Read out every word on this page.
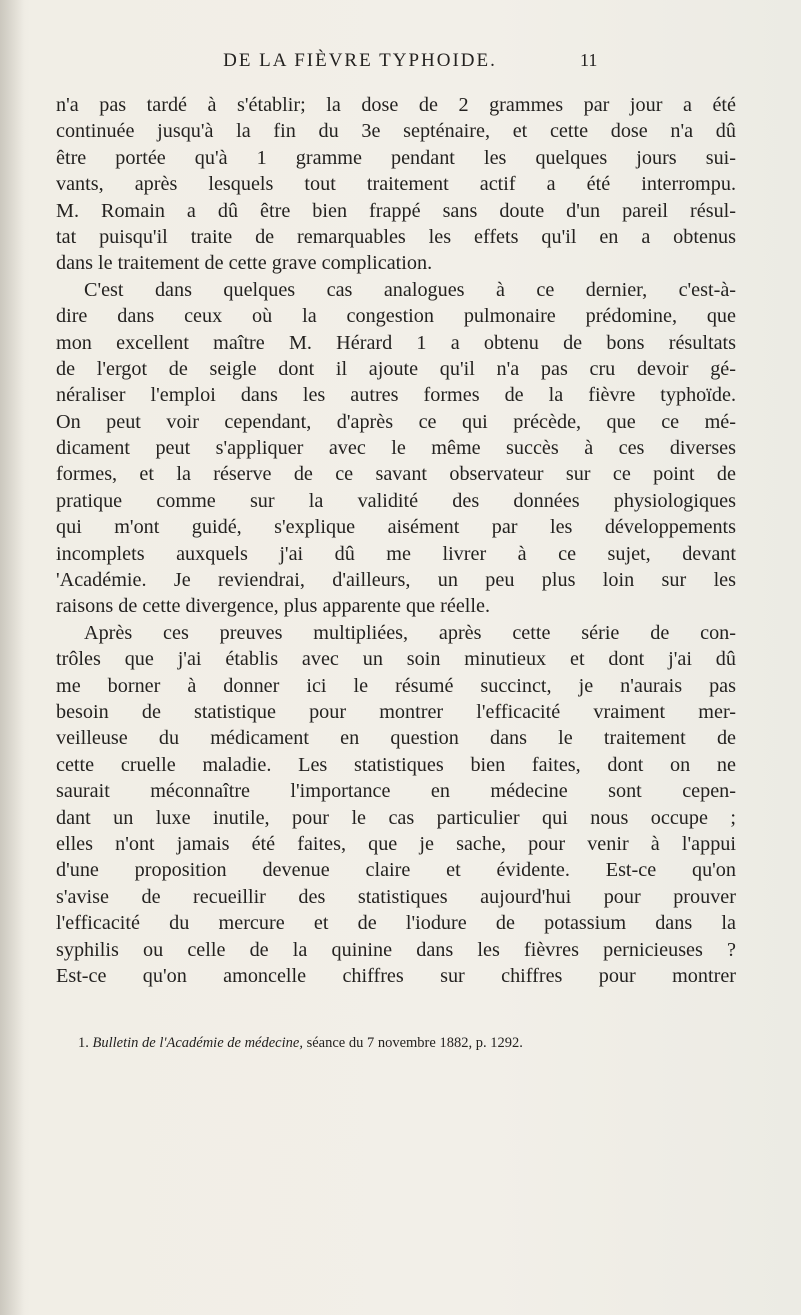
DE LA FIÈVRE TYPHOIDE.	11
n'a pas tardé à s'établir; la dose de 2 grammes par jour a été
continuée jusqu'à la fin du 3e septénaire, et cette dose n'a dû
être portée qu'à 1 gramme pendant les quelques jours sui-
vants, après lesquels tout traitement actif a été interrompu.
M. Romain a dû être bien frappé sans doute d'un pareil résul-
tat puisqu'il traite de remarquables les effets qu'il en a obtenus
dans le traitement de cette grave complication.
C'est dans quelques cas analogues à ce dernier, c'est-à-
dire dans ceux où la congestion pulmonaire prédomine, que
mon excellent maître M. Hérard 1 a obtenu de bons résultats
de l'ergot de seigle dont il ajoute qu'il n'a pas cru devoir gé-
néraliser l'emploi dans les autres formes de la fièvre typhoïde.
On peut voir cependant, d'après ce qui précède, que ce mé-
dicament peut s'appliquer avec le même succès à ces diverses
formes, et la réserve de ce savant observateur sur ce point de
pratique comme sur la validité des données physiologiques
qui m'ont guidé, s'explique aisément par les développements
incomplets auxquels j'ai dû me livrer à ce sujet, devant
'Académie. Je reviendrai, d'ailleurs, un peu plus loin sur les
raisons de cette divergence, plus apparente que réelle.
Après ces preuves multipliées, après cette série de con-
trôles que j'ai établis avec un soin minutieux et dont j'ai dû
me borner à donner ici le résumé succinct, je n'aurais pas
besoin de statistique pour montrer l'efficacité vraiment mer-
veilleuse du médicament en question dans le traitement de
cette cruelle maladie. Les statistiques bien faites, dont on ne
saurait méconnaître l'importance en médecine sont cepen-
dant un luxe inutile, pour le cas particulier qui nous occupe ;
elles n'ont jamais été faites, que je sache, pour venir à l'appui
d'une proposition devenue claire et évidente. Est-ce qu'on
s'avise de recueillir des statistiques aujourd'hui pour prouver
l'efficacité du mercure et de l'iodure de potassium dans la
syphilis ou celle de la quinine dans les fièvres pernicieuses ?
Est-ce qu'on amoncelle chiffres sur chiffres pour montrer
1. Bulletin de l'Académie de médecine, séance du 7 novembre 1882, p. 1292.
